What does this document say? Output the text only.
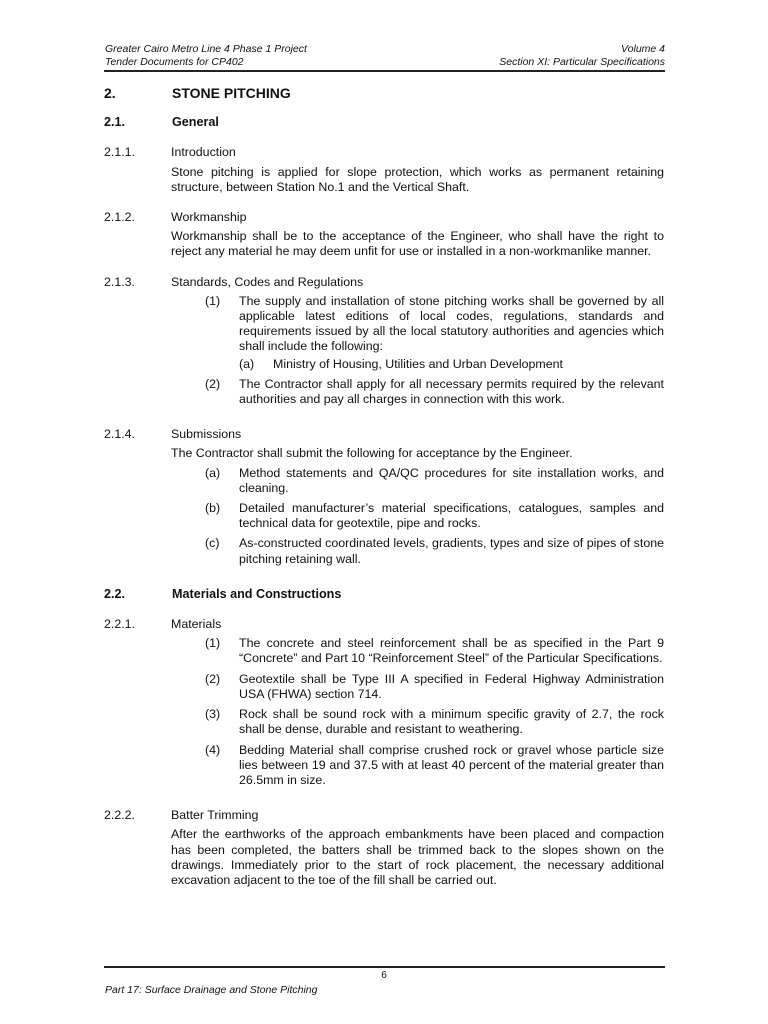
Greater Cairo Metro Line 4 Phase 1 Project
Tender Documents for CP402
Volume 4
Section XI: Particular Specifications
2.	STONE PITCHING
2.1.	General
2.1.1.	Introduction
Stone pitching is applied for slope protection, which works as permanent retaining structure, between Station No.1 and the Vertical Shaft.
2.1.2.	Workmanship
Workmanship shall be to the acceptance of the Engineer, who shall have the right to reject any material he may deem unfit for use or installed in a non-workmanlike manner.
2.1.3.	Standards, Codes and Regulations
(1)	The supply and installation of stone pitching works shall be governed by all applicable latest editions of local codes, regulations, standards and requirements issued by all the local statutory authorities and agencies which shall include the following:
(a)	Ministry of Housing, Utilities and Urban Development
(2)	The Contractor shall apply for all necessary permits required by the relevant authorities and pay all charges in connection with this work.
2.1.4.	Submissions
The Contractor shall submit the following for acceptance by the Engineer.
(a)	Method statements and QA/QC procedures for site installation works, and cleaning.
(b)	Detailed manufacturer’s material specifications, catalogues, samples and technical data for geotextile, pipe and rocks.
(c)	As-constructed coordinated levels, gradients, types and size of pipes of stone pitching retaining wall.
2.2.	Materials and Constructions
2.2.1.	Materials
(1)	The concrete and steel reinforcement shall be as specified in the Part 9 “Concrete” and Part 10 “Reinforcement Steel” of the Particular Specifications.
(2)	Geotextile shall be Type III A specified in Federal Highway Administration USA (FHWA) section 714.
(3)	Rock shall be sound rock with a minimum specific gravity of 2.7, the rock shall be dense, durable and resistant to weathering.
(4)	Bedding Material shall comprise crushed rock or gravel whose particle size lies between 19 and 37.5 with at least 40 percent of the material greater than 26.5mm in size.
2.2.2.	Batter Trimming
After the earthworks of the approach embankments have been placed and compaction has been completed, the batters shall be trimmed back to the slopes shown on the drawings. Immediately prior to the start of rock placement, the necessary additional excavation adjacent to the toe of the fill shall be carried out.
6
Part 17: Surface Drainage and Stone Pitching
